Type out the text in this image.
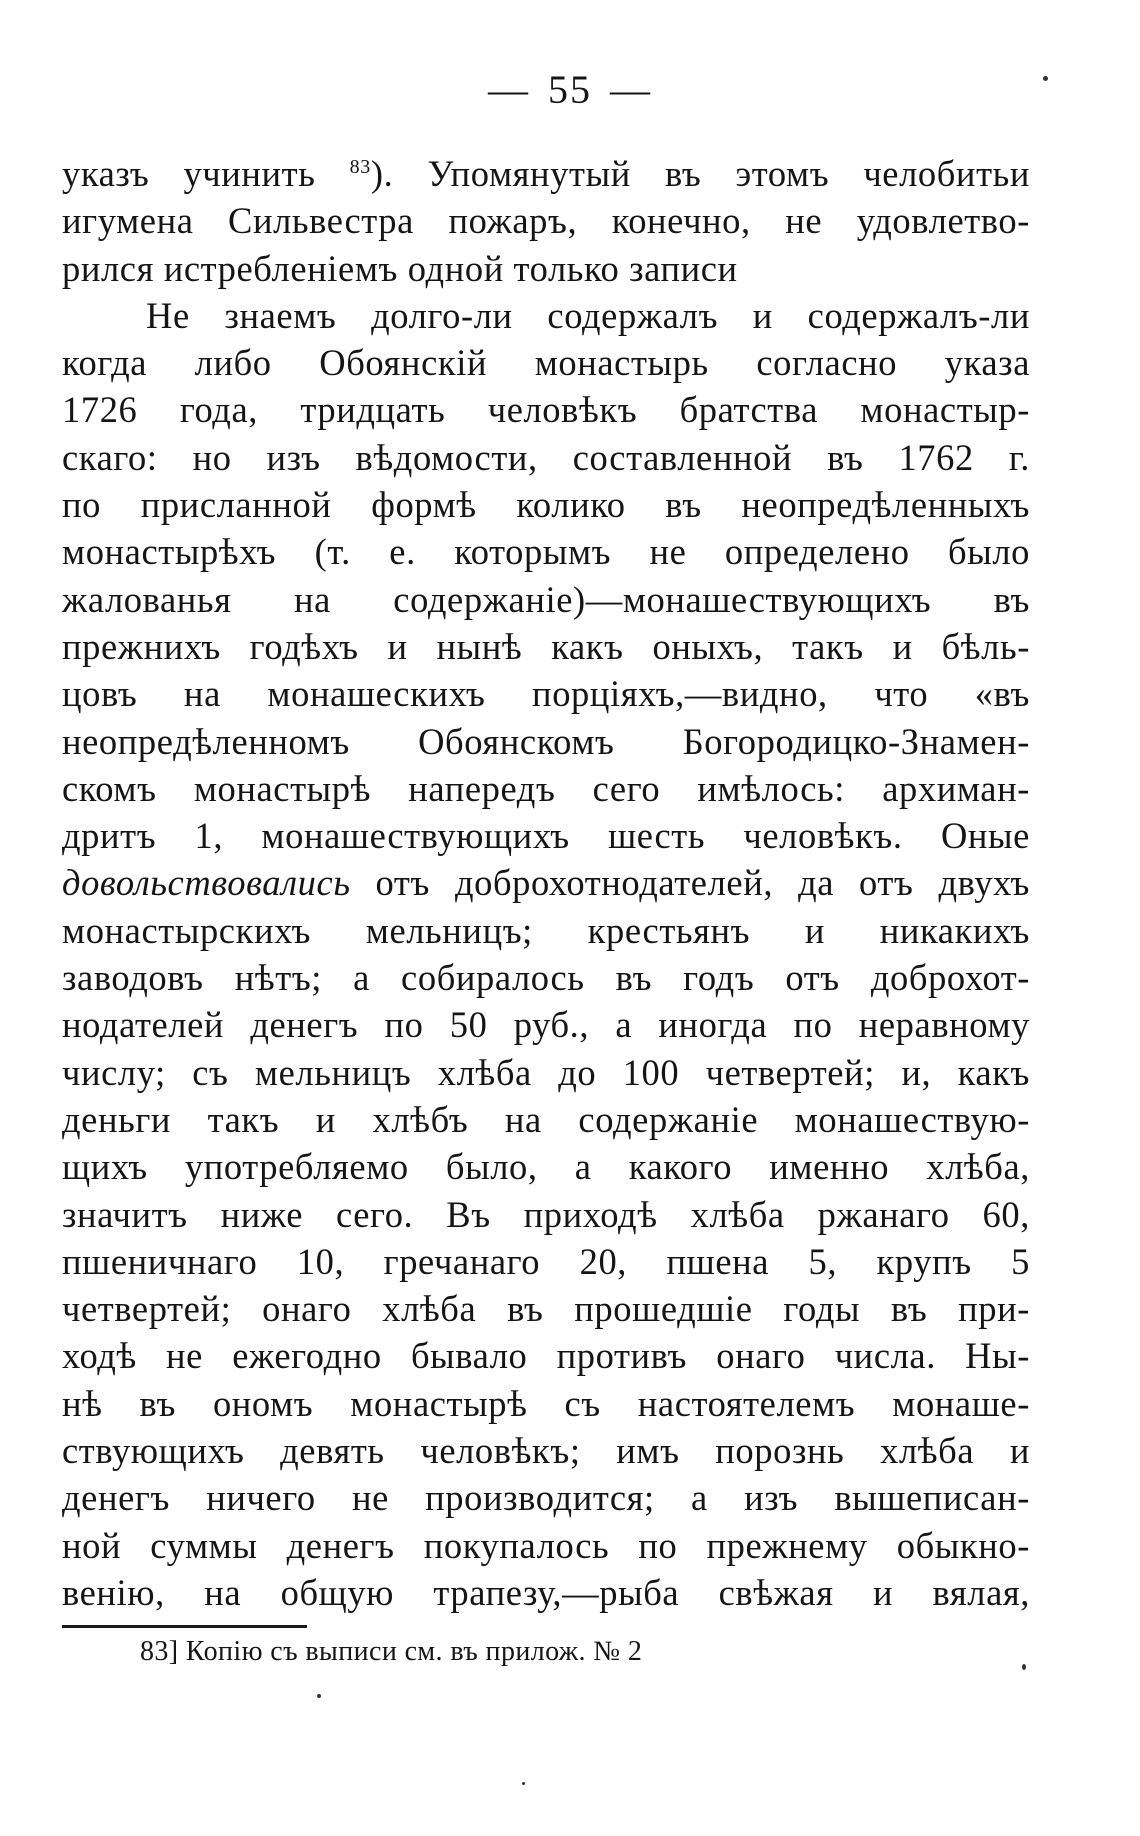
— 55 —
указъ учинить $^{83}$). Упомянутый въ этомъ челобитьи
игумена Сильвестра пожаръ, конечно, не удовлетво-
рился истребленiемъ одной только записи
Не знаемъ долго-ли содержалъ и содержалъ-ли
когда либо Обоянскiй монастырь согласно указа
1726 года, тридцать человѣкъ братства монастыр-
скаго: но изъ вѣдомости, составленной въ 1762 г.
по присланной формѣ колико въ неопредѣленныхъ
монастырѣхъ (т. е. которымъ не определено было
жалованья на содержанiе)—монашествующихъ въ
прежнихъ годѣхъ и нынѣ какъ оныхъ, такъ и бѣль-
цовъ на монашескихъ порцiяхъ,—видно, что «въ
неопредѣленномъ Обоянскомъ Богородицко-Знамен-
скомъ монастырѣ напередъ сего имѣлось: архиман-
дритъ 1, монашествующихъ шесть человѣкъ. Оные
довольствовались отъ доброхотнодателей, да отъ двухъ
монастырскихъ мельницъ; крестьянъ и никакихъ
заводовъ нѣтъ; а собиралось въ годъ отъ доброхот-
нодателей денегъ по 50 руб., а иногда по неравному
числу; съ мельницъ хлѣба до 100 четвертей; и, какъ
деньги такъ и хлѣбъ на содержанiе монашествую-
щихъ употребляемо было, а какого именно хлѣба,
значитъ ниже сего. Въ приходѣ хлѣба ржанаго 60,
пшеничнаго 10, гречанаго 20, пшена 5, крупъ 5
четвертей; онаго хлѣба въ прошедшiе годы въ при-
ходѣ не ежегодно бывало противъ онаго числа. Ны-
нѣ въ ономъ монастырѣ съ настоятелемъ монаше-
ствующихъ девять человѣкъ; имъ порознь хлѣба и
денегъ ничего не производится; а изъ вышеписан-
ной суммы денегъ покупалось по прежнему обыкно-
венiю, на общую трапезу,—рыба свѣжая и вялая,
83] Копiю съ выписи см. въ прилож. № 2
